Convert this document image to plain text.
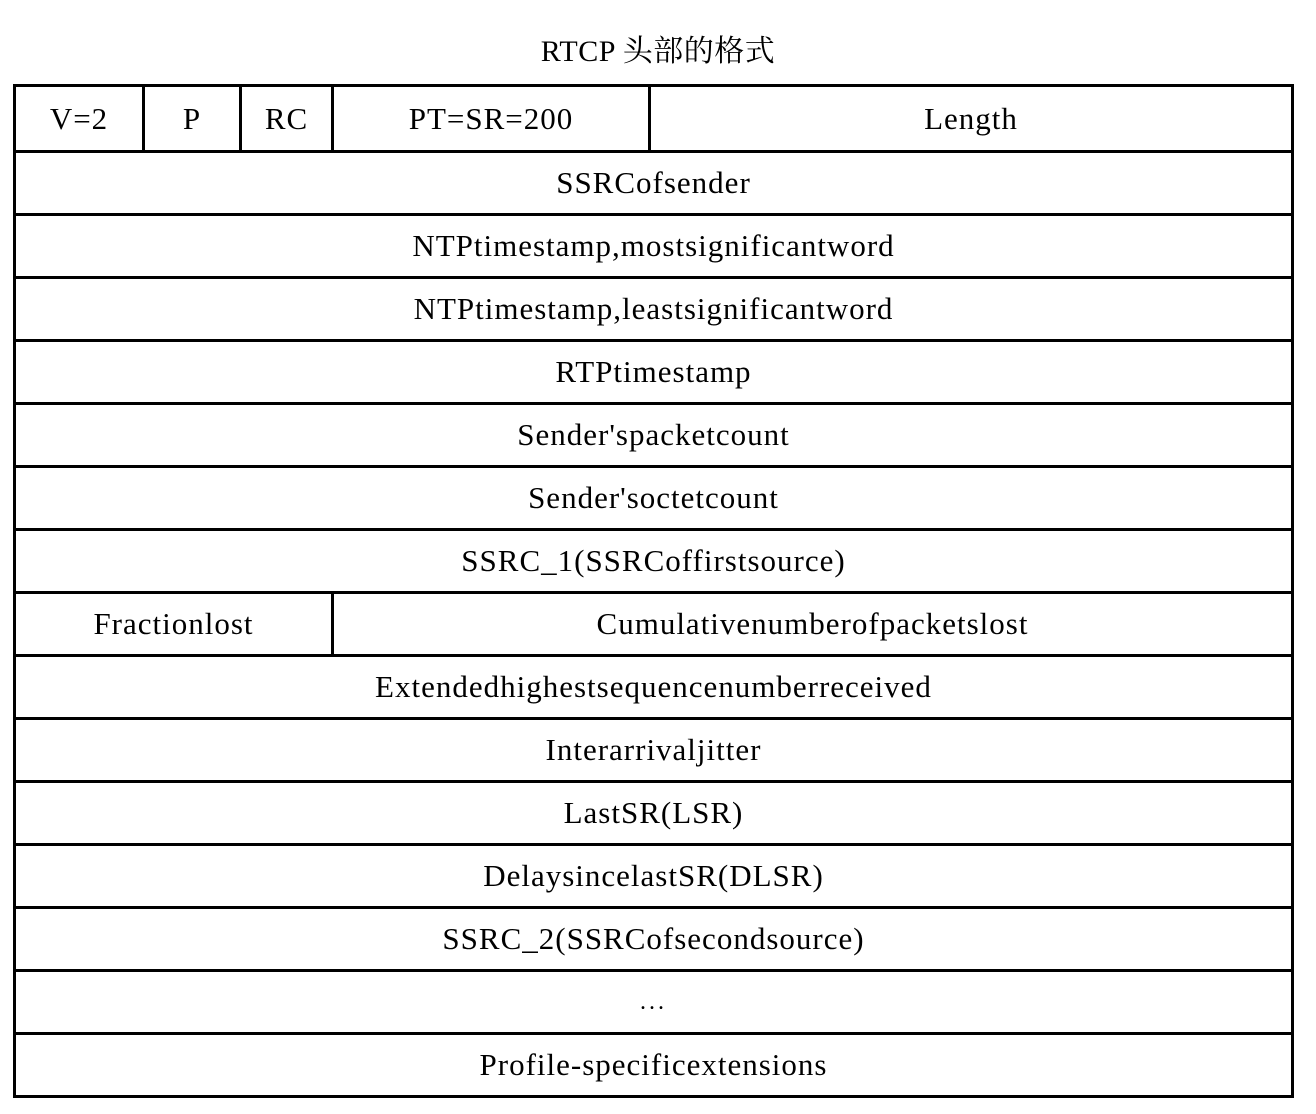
RTCP 头部的格式
V=2	P	RC	PT=SR=200	Length
SSRCofsender				
NTPtimestamp,mostsignificantword				
NTPtimestamp,leastsignificantword				
RTPtimestamp				
Sender'spacketcount				
Sender'soctetcount				
SSRC_1(SSRCoffirstsource)				
Fractionlost			Cumulativenumberofpacketslost	
Extendedhighestsequencenumberreceived				
Interarrivaljitter				
LastSR(LSR)				
DelaysincelastSR(DLSR)				
SSRC_2(SSRCofsecondsource)				
...				
Profile-specificextensions				
